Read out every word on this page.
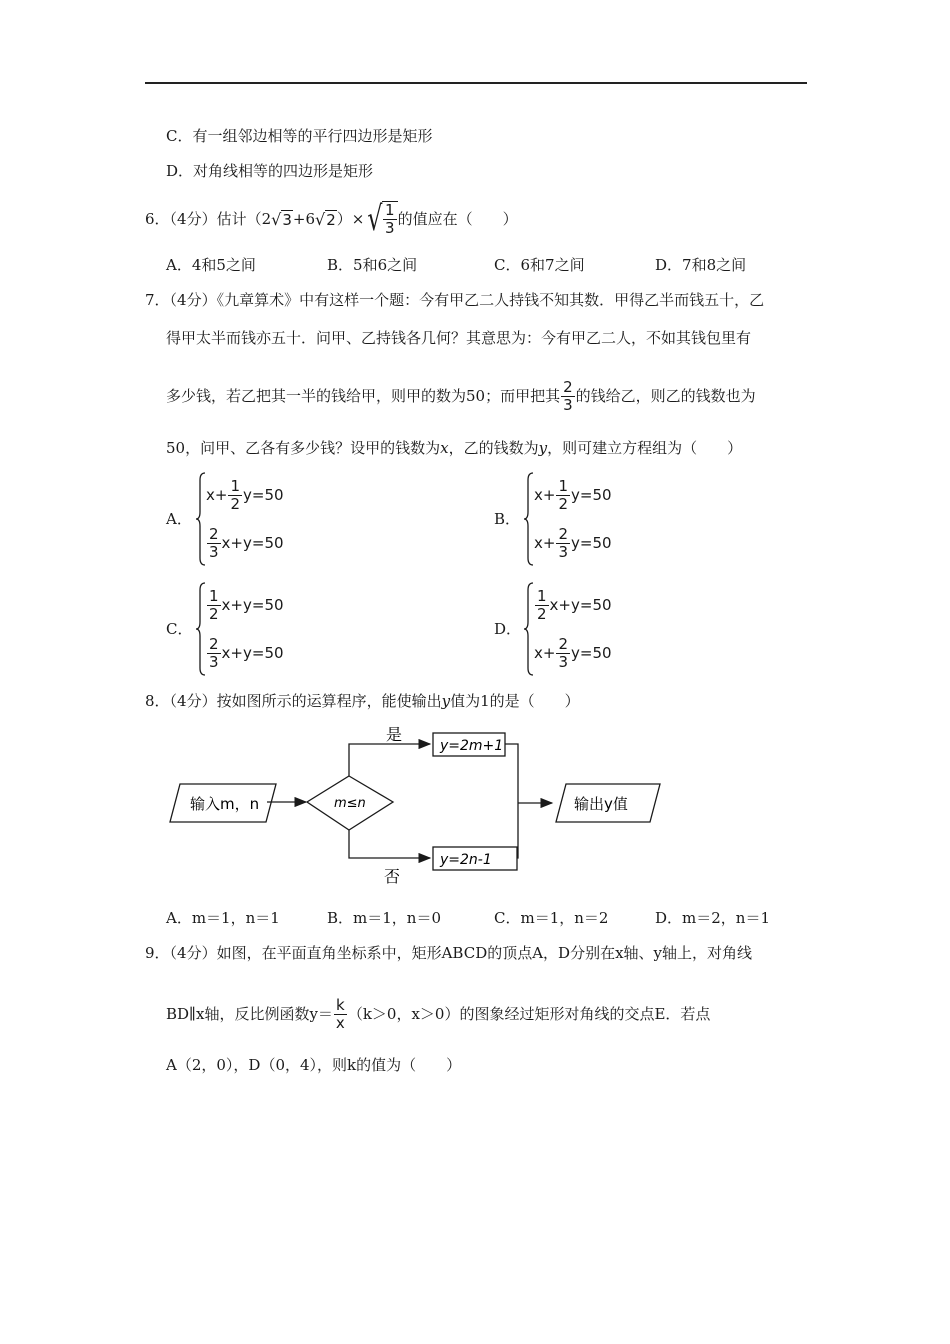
C．有一组邻边相等的平行四边形是矩形
D．对角线相等的四边形是矩形
6．（4分）估计（2 √ 3 +6 √ 2 ）× √ $\frac{1}{3}$ 的值应在（　　）
A．4和5之间	B．5和6之间	C．6和7之间	D．7和8之间
7．（4分）《九章算术》中有这样一个题：今有甲乙二人持钱不知其数．甲得乙半而钱五十，乙
得甲太半而钱亦五十．问甲、乙持钱各几何？其意思为：今有甲乙二人，不如其钱包里有
多少钱，若乙把其一半的钱给甲，则甲的数为50；而甲把其 $\frac{2}{3}$ 的钱给乙，则乙的钱数也为
50，问甲、乙各有多少钱？设甲的钱数为x，乙的钱数为y，则可建立方程组为（　　）
A．
$x+ \frac{1}{2} y=50$
$\frac{2}{3} x+y=50$
B．
$x+ \frac{1}{2} y=50$
$x+ \frac{2}{3} y=50$
C．
$\frac{1}{2} x+y=50$
$\frac{2}{3} x+y=50$
D．
$\frac{1}{2} x+y=50$
$x+ \frac{2}{3} y=50$
8．（4分）按如图所示的运算程序，能使输出y值为1的是（　　）
输入m，n	m≤n
是
y=2m+1
否
y=2n-1
输出y值
A．m＝1，n＝1	B．m＝1，n＝0	C．m＝1，n＝2	D．m＝2，n＝1
9．（4分）如图，在平面直角坐标系中，矩形ABCD的顶点A，D分别在x轴、y轴上，对角线
BD∥x轴，反比例函数$y= \frac{k}{x} (k>0$，x＞0）的图象经过矩形对角线的交点E．若点
A（2，0），D（0，4），则k的值为（　　）
